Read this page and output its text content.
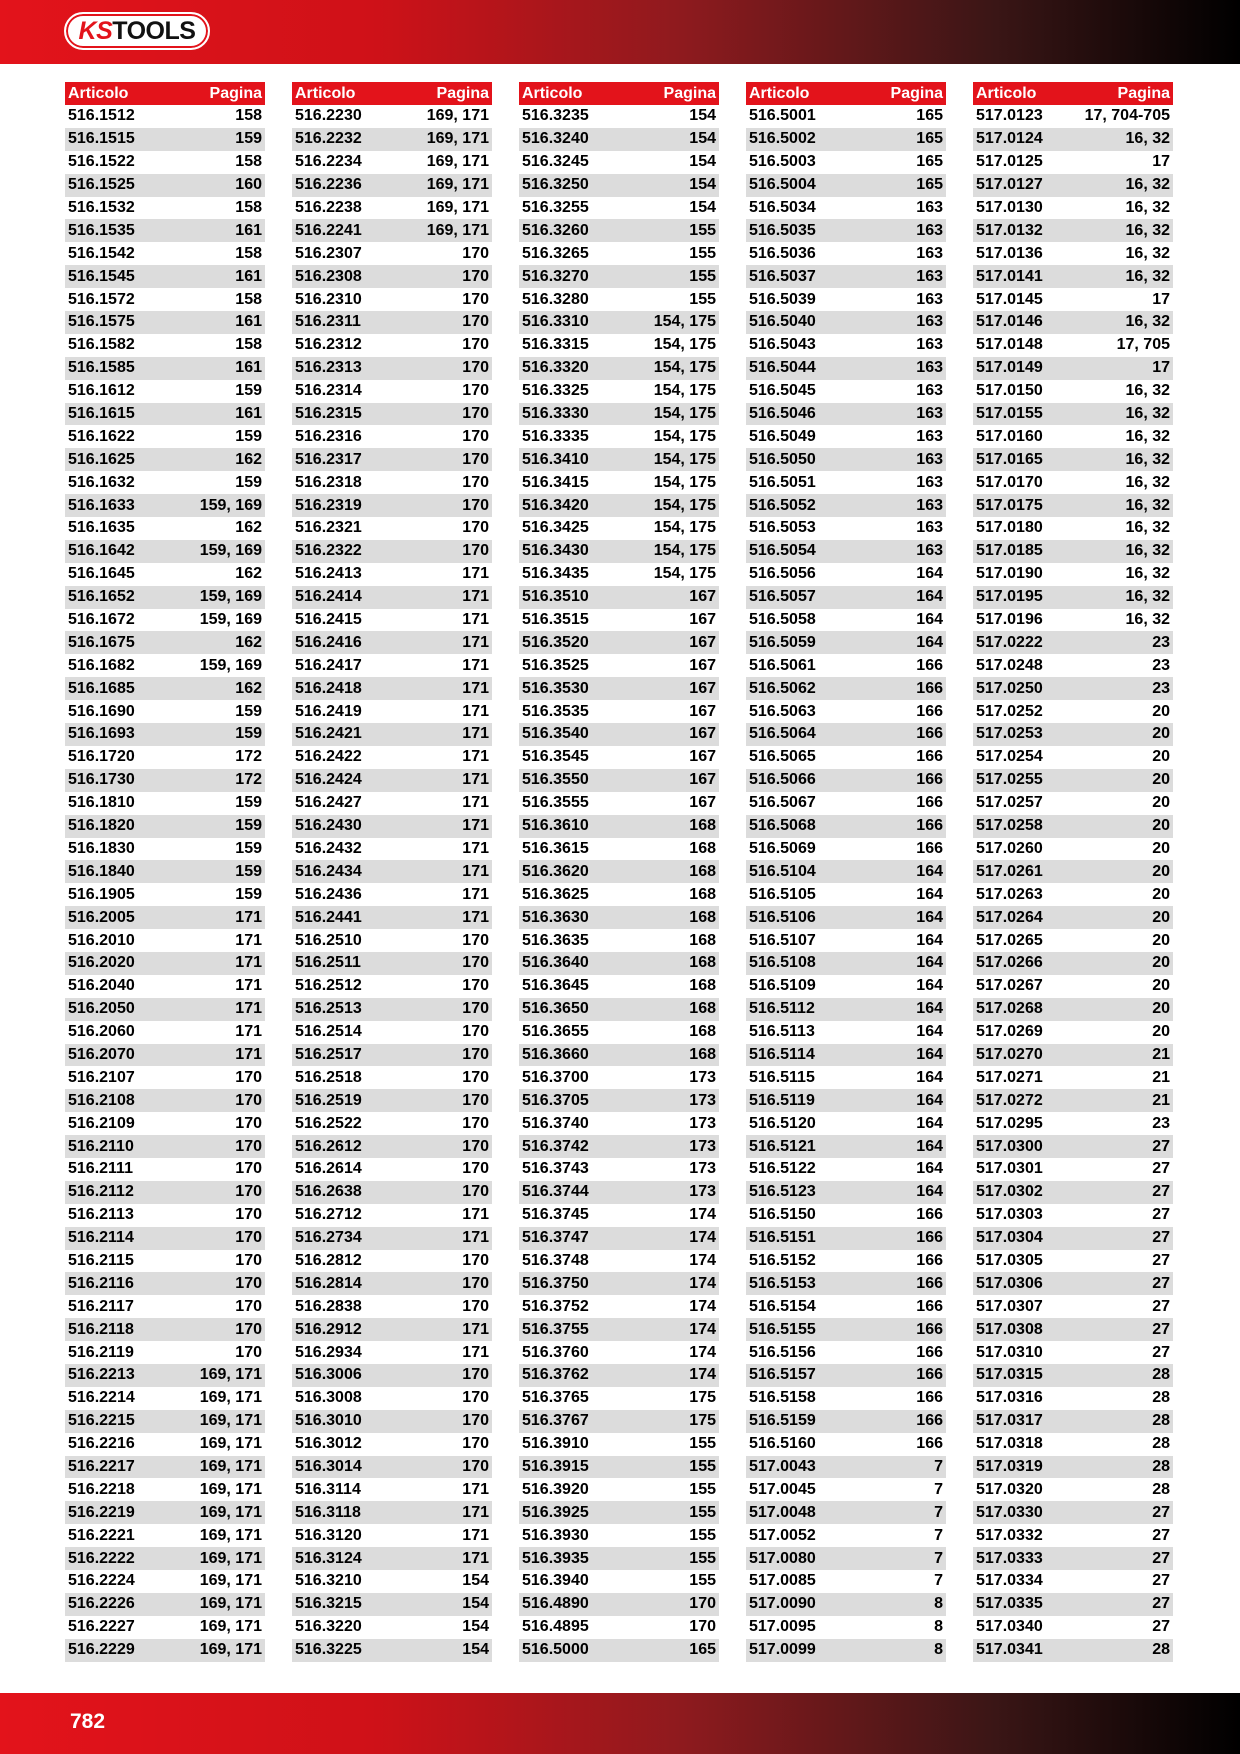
KS TOOLS
Articolo	Pagina
516.1512	158
516.1515	159
516.1522	158
516.1525	160
516.1532	158
516.1535	161
516.1542	158
516.1545	161
516.1572	158
516.1575	161
516.1582	158
516.1585	161
516.1612	159
516.1615	161
516.1622	159
516.1625	162
516.1632	159
516.1633	159, 169
516.1635	162
516.1642	159, 169
516.1645	162
516.1652	159, 169
516.1672	159, 169
516.1675	162
516.1682	159, 169
516.1685	162
516.1690	159
516.1693	159
516.1720	172
516.1730	172
516.1810	159
516.1820	159
516.1830	159
516.1840	159
516.1905	159
516.2005	171
516.2010	171
516.2020	171
516.2040	171
516.2050	171
516.2060	171
516.2070	171
516.2107	170
516.2108	170
516.2109	170
516.2110	170
516.2111	170
516.2112	170
516.2113	170
516.2114	170
516.2115	170
516.2116	170
516.2117	170
516.2118	170
516.2119	170
516.2213	169, 171
516.2214	169, 171
516.2215	169, 171
516.2216	169, 171
516.2217	169, 171
516.2218	169, 171
516.2219	169, 171
516.2221	169, 171
516.2222	169, 171
516.2224	169, 171
516.2226	169, 171
516.2227	169, 171
516.2229	169, 171
Articolo	Pagina
516.2230	169, 171
516.2232	169, 171
516.2234	169, 171
516.2236	169, 171
516.2238	169, 171
516.2241	169, 171
516.2307	170
516.2308	170
516.2310	170
516.2311	170
516.2312	170
516.2313	170
516.2314	170
516.2315	170
516.2316	170
516.2317	170
516.2318	170
516.2319	170
516.2321	170
516.2322	170
516.2413	171
516.2414	171
516.2415	171
516.2416	171
516.2417	171
516.2418	171
516.2419	171
516.2421	171
516.2422	171
516.2424	171
516.2427	171
516.2430	171
516.2432	171
516.2434	171
516.2436	171
516.2441	171
516.2510	170
516.2511	170
516.2512	170
516.2513	170
516.2514	170
516.2517	170
516.2518	170
516.2519	170
516.2522	170
516.2612	170
516.2614	170
516.2638	170
516.2712	171
516.2734	171
516.2812	170
516.2814	170
516.2838	170
516.2912	171
516.2934	171
516.3006	170
516.3008	170
516.3010	170
516.3012	170
516.3014	170
516.3114	171
516.3118	171
516.3120	171
516.3124	171
516.3210	154
516.3215	154
516.3220	154
516.3225	154
Articolo	Pagina
516.3235	154
516.3240	154
516.3245	154
516.3250	154
516.3255	154
516.3260	155
516.3265	155
516.3270	155
516.3280	155
516.3310	154, 175
516.3315	154, 175
516.3320	154, 175
516.3325	154, 175
516.3330	154, 175
516.3335	154, 175
516.3410	154, 175
516.3415	154, 175
516.3420	154, 175
516.3425	154, 175
516.3430	154, 175
516.3435	154, 175
516.3510	167
516.3515	167
516.3520	167
516.3525	167
516.3530	167
516.3535	167
516.3540	167
516.3545	167
516.3550	167
516.3555	167
516.3610	168
516.3615	168
516.3620	168
516.3625	168
516.3630	168
516.3635	168
516.3640	168
516.3645	168
516.3650	168
516.3655	168
516.3660	168
516.3700	173
516.3705	173
516.3740	173
516.3742	173
516.3743	173
516.3744	173
516.3745	174
516.3747	174
516.3748	174
516.3750	174
516.3752	174
516.3755	174
516.3760	174
516.3762	174
516.3765	175
516.3767	175
516.3910	155
516.3915	155
516.3920	155
516.3925	155
516.3930	155
516.3935	155
516.3940	155
516.4890	170
516.4895	170
516.5000	165
Articolo	Pagina
516.5001	165
516.5002	165
516.5003	165
516.5004	165
516.5034	163
516.5035	163
516.5036	163
516.5037	163
516.5039	163
516.5040	163
516.5043	163
516.5044	163
516.5045	163
516.5046	163
516.5049	163
516.5050	163
516.5051	163
516.5052	163
516.5053	163
516.5054	163
516.5056	164
516.5057	164
516.5058	164
516.5059	164
516.5061	166
516.5062	166
516.5063	166
516.5064	166
516.5065	166
516.5066	166
516.5067	166
516.5068	166
516.5069	166
516.5104	164
516.5105	164
516.5106	164
516.5107	164
516.5108	164
516.5109	164
516.5112	164
516.5113	164
516.5114	164
516.5115	164
516.5119	164
516.5120	164
516.5121	164
516.5122	164
516.5123	164
516.5150	166
516.5151	166
516.5152	166
516.5153	166
516.5154	166
516.5155	166
516.5156	166
516.5157	166
516.5158	166
516.5159	166
516.5160	166
517.0043	7
517.0045	7
517.0048	7
517.0052	7
517.0080	7
517.0085	7
517.0090	8
517.0095	8
517.0099	8
Articolo	Pagina
517.0123	17, 704-705
517.0124	16, 32
517.0125	17
517.0127	16, 32
517.0130	16, 32
517.0132	16, 32
517.0136	16, 32
517.0141	16, 32
517.0145	17
517.0146	16, 32
517.0148	17, 705
517.0149	17
517.0150	16, 32
517.0155	16, 32
517.0160	16, 32
517.0165	16, 32
517.0170	16, 32
517.0175	16, 32
517.0180	16, 32
517.0185	16, 32
517.0190	16, 32
517.0195	16, 32
517.0196	16, 32
517.0222	23
517.0248	23
517.0250	23
517.0252	20
517.0253	20
517.0254	20
517.0255	20
517.0257	20
517.0258	20
517.0260	20
517.0261	20
517.0263	20
517.0264	20
517.0265	20
517.0266	20
517.0267	20
517.0268	20
517.0269	20
517.0270	21
517.0271	21
517.0272	21
517.0295	23
517.0300	27
517.0301	27
517.0302	27
517.0303	27
517.0304	27
517.0305	27
517.0306	27
517.0307	27
517.0308	27
517.0310	27
517.0315	28
517.0316	28
517.0317	28
517.0318	28
517.0319	28
517.0320	28
517.0330	27
517.0332	27
517.0333	27
517.0334	27
517.0335	27
517.0340	27
517.0341	28
782
